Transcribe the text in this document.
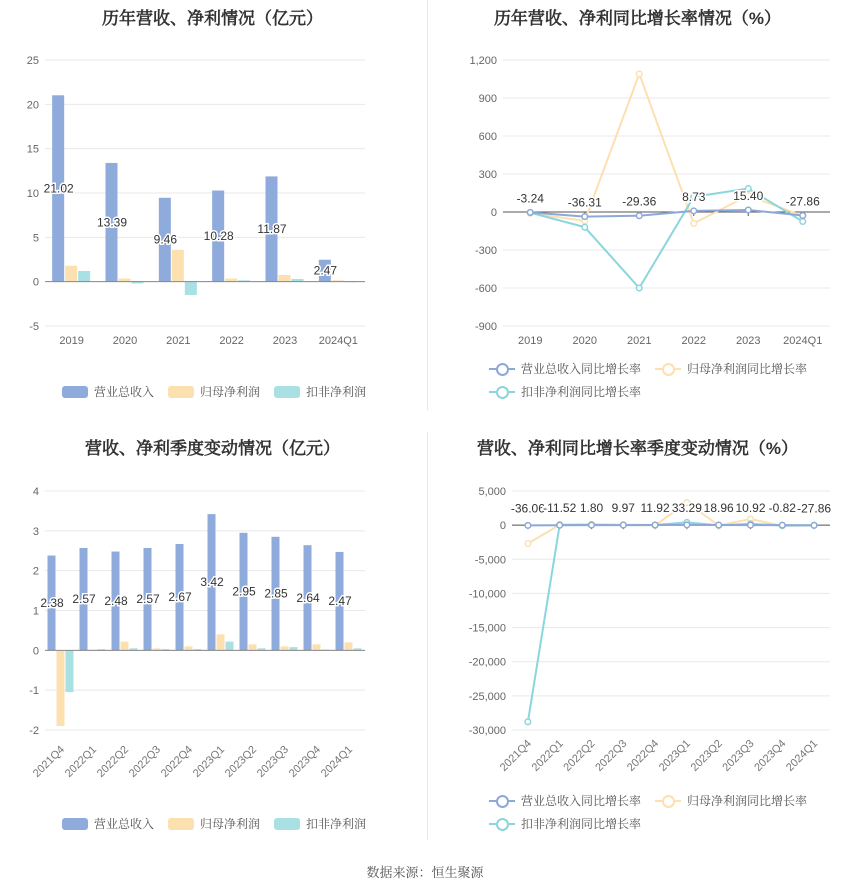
历年营收、净利情况（亿元）
-5
0
5
10
15
20
25
21.02
13.39
9.46 10.28
11.87
2.47
2019	2020	2021	2022	2023 2024Q1
营业总收入	归母净利润	扣非净利润
历年营收、净利同比增长率情况（%）
-900
-600
-300
0
300
600
900
1,200
-3.24 -36.31 -29.36 8.73 15.40 -27.86
2019	2020	2021	2022	2023 2024Q1
营业总收入同比增长率	归母净利润同比增长率
扣非净利润同比增长率
营收、净利季度变动情况（亿元）
-2
-1
0
1
2
3
4
2.38 2.57 2.48 2.57 2.67
3.42
2.95 2.85 2.64 2.47
2021Q4
2022Q1
2022Q2
2022Q3
2022Q4
2023Q1
2023Q2
2023Q3
2023Q4
2024Q1
营业总收入	归母净利润	扣非净利润
营收、净利同比增长率季度变动情况（%）
-30,000
-25,000
-20,000
-15,000
-10,000
-5,000
0
5,000
-36.06
-11.52 1.80 9.97 11.92 33.29 18.96 10.92 -0.82 -27.86
2021Q4
2022Q1
2022Q2
2022Q3
2022Q4
2023Q1
2023Q2
2023Q3
2023Q4
2024Q1
营业总收入同比增长率	归母净利润同比增长率
扣非净利润同比增长率
数据来源：恒生聚源
